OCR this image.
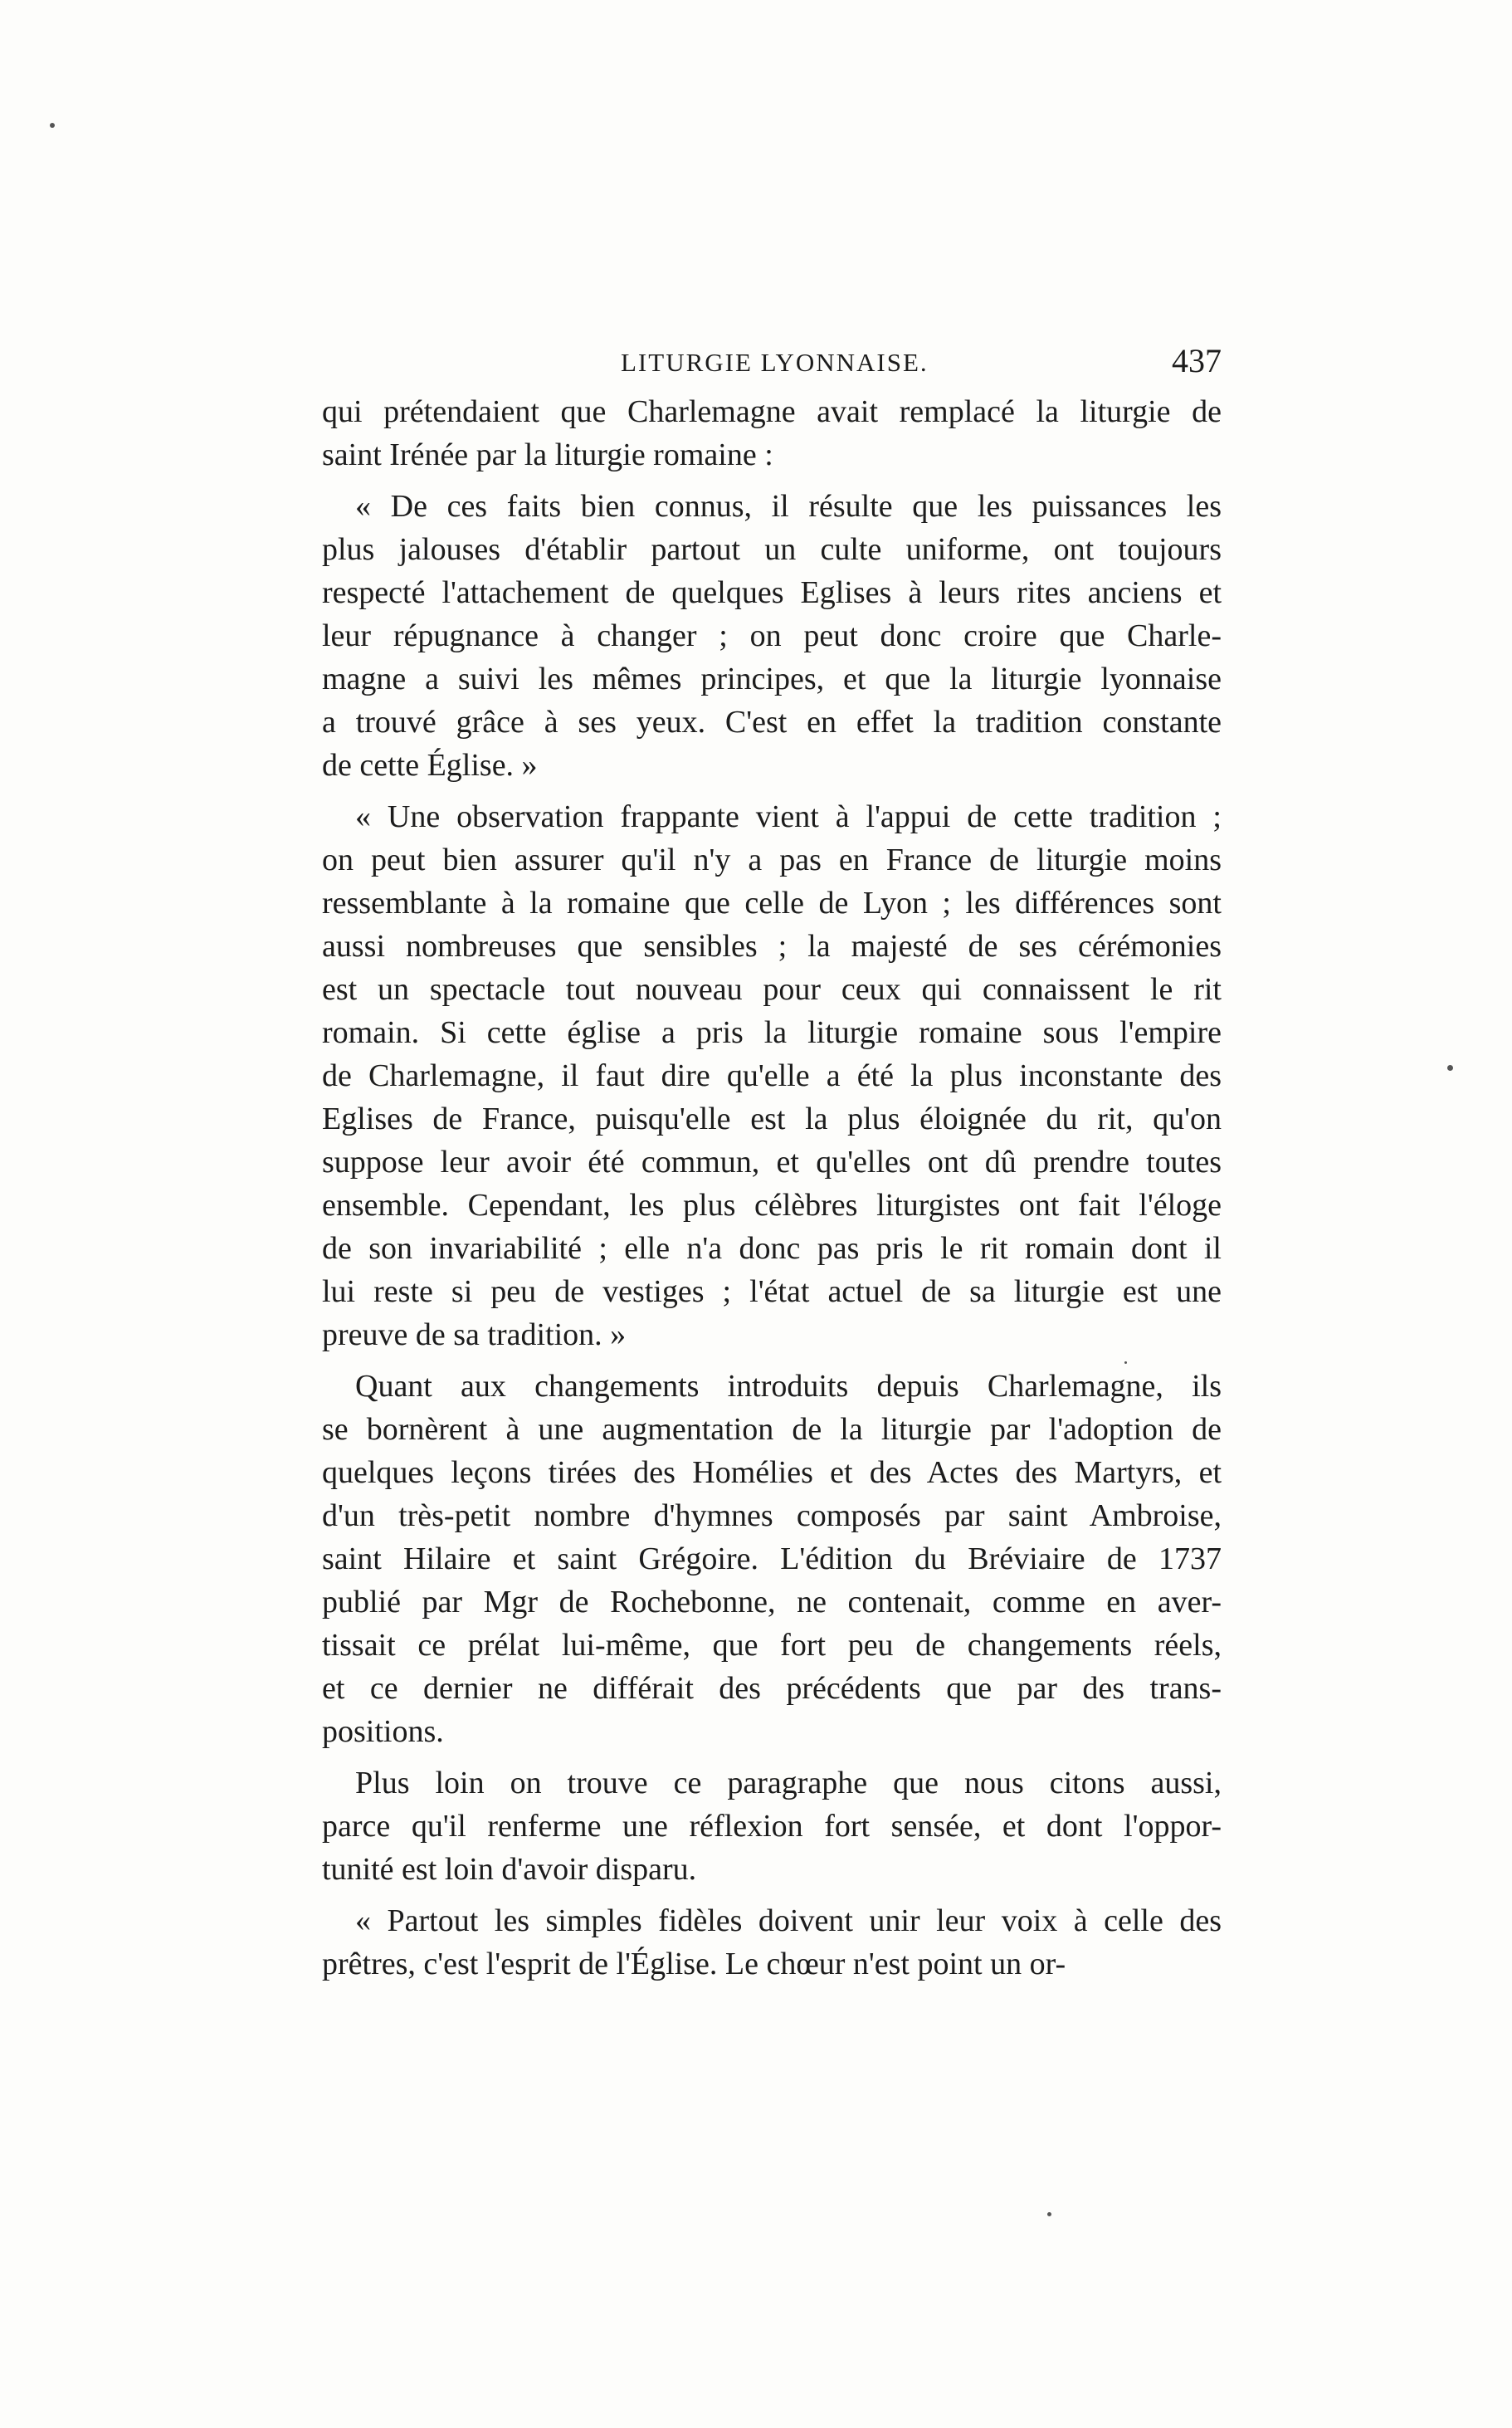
LITURGIE LYONNAISE.	437
qui prétendaient que Charlemagne avait remplacé la liturgie de
saint Irénée par la liturgie romaine :
« De ces faits bien connus, il résulte que les puissances les
plus jalouses d'établir partout un culte uniforme, ont toujours
respecté l'attachement de quelques Eglises à leurs rites anciens et
leur répugnance à changer ; on peut donc croire que Charle-
magne a suivi les mêmes principes, et que la liturgie lyonnaise
a trouvé grâce à ses yeux. C'est en effet la tradition constante
de cette Église. »
« Une observation frappante vient à l'appui de cette tradition ;
on peut bien assurer qu'il n'y a pas en France de liturgie moins
ressemblante à la romaine que celle de Lyon ; les différences sont
aussi nombreuses que sensibles ; la majesté de ses cérémonies
est un spectacle tout nouveau pour ceux qui connaissent le rit
romain. Si cette église a pris la liturgie romaine sous l'empire
de Charlemagne, il faut dire qu'elle a été la plus inconstante des
Eglises de France, puisqu'elle est la plus éloignée du rit, qu'on
suppose leur avoir été commun, et qu'elles ont dû prendre toutes
ensemble. Cependant, les plus célèbres liturgistes ont fait l'éloge
de son invariabilité ; elle n'a donc pas pris le rit romain dont il
lui reste si peu de vestiges ; l'état actuel de sa liturgie est une
preuve de sa tradition. »
Quant aux changements introduits depuis Charlemagne, ils
se bornèrent à une augmentation de la liturgie par l'adoption de
quelques leçons tirées des Homélies et des Actes des Martyrs, et
d'un très-petit nombre d'hymnes composés par saint Ambroise,
saint Hilaire et saint Grégoire. L'édition du Bréviaire de 1737
publié par Mgr de Rochebonne, ne contenait, comme en aver-
tissait ce prélat lui-même, que fort peu de changements réels,
et ce dernier ne différait des précédents que par des trans-
positions.
Plus loin on trouve ce paragraphe que nous citons aussi,
parce qu'il renferme une réflexion fort sensée, et dont l'oppor-
tunité est loin d'avoir disparu.
« Partout les simples fidèles doivent unir leur voix à celle des
prêtres, c'est l'esprit de l'Église. Le chœur n'est point un or-
